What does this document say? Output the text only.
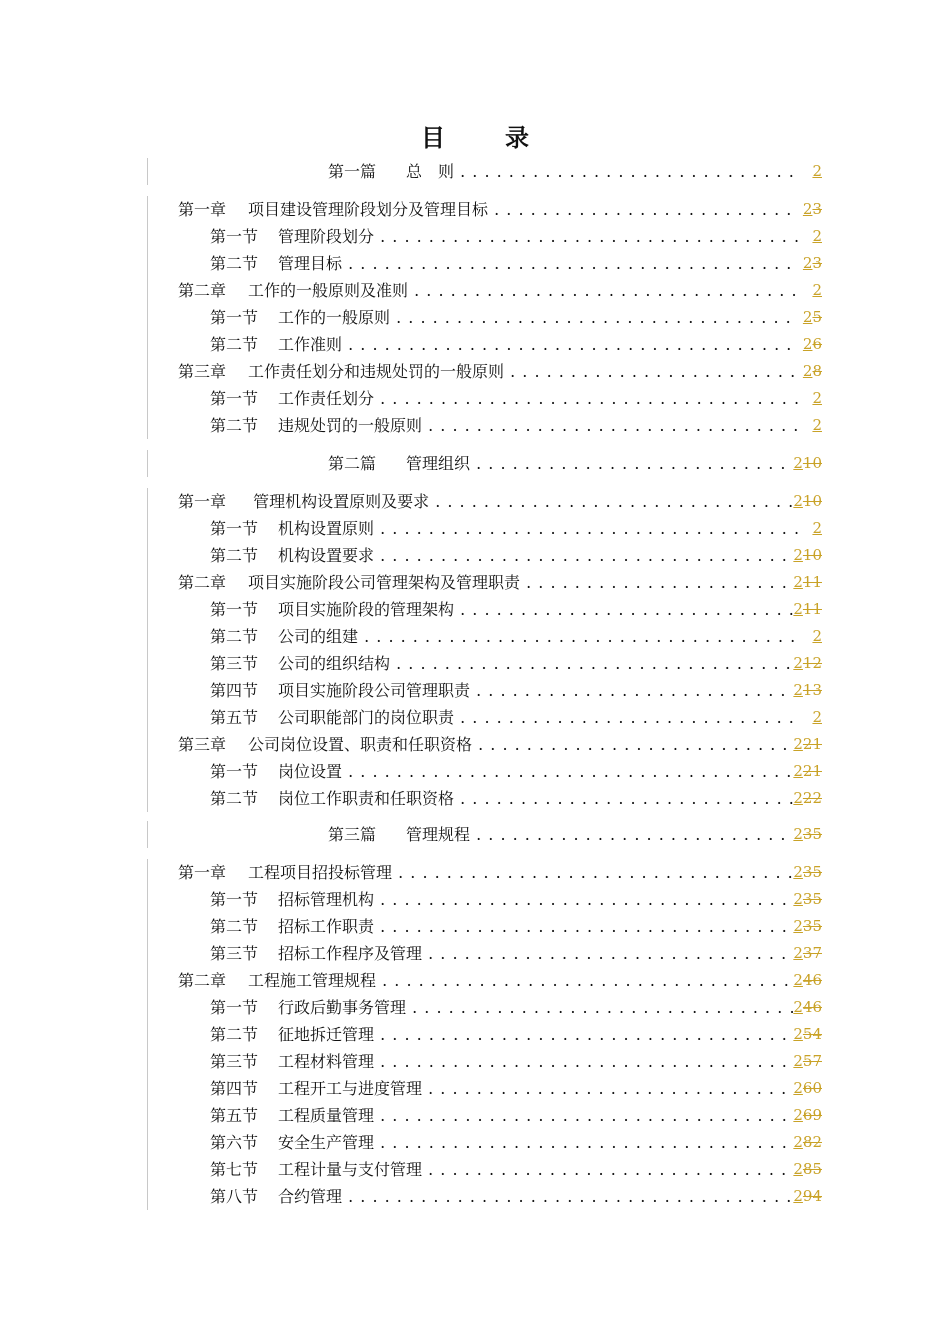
目录
第一篇 总　则 . . .	2
第一章 项目建设管理阶段划分及管理目标 . . .	23
第一节 管理阶段划分 . . .	2
第二节 管理目标 . . .	23
第二章 工作的一般原则及准则 . . .	2
第一节 工作的一般原则 . . .	25
第二节 工作准则 . . .	26
第三章 工作责任划分和违规处罚的一般原则 . . .	28
第一节 工作责任划分 . . .	2
第二节 违规处罚的一般原则 . . .	2
第二篇 管理组织 . . .	210
第一章 管理机构设置原则及要求 . . .	210
第一节 机构设置原则 . . .	2
第二节 机构设置要求 . . .	210
第二章 项目实施阶段公司管理架构及管理职责 . . .	211
第一节 项目实施阶段的管理架构 . . .	211
第二节 公司的组建 . . .	2
第三节 公司的组织结构 . . .	212
第四节 项目实施阶段公司管理职责 . . .	213
第五节 公司职能部门的岗位职责 . . .	2
第三章 公司岗位设置、职责和任职资格 . . .	221
第一节 岗位设置 . . .	221
第二节 岗位工作职责和任职资格 . . .	222
第三篇 管理规程 . . .	235
第一章 工程项目招投标管理 . . .	235
第一节 招标管理机构 . . .	235
第二节 招标工作职责 . . .	235
第三节 招标工作程序及管理 . . .	237
第二章 工程施工管理规程 . . .	246
第一节 行政后勤事务管理 . . .	246
第二节 征地拆迁管理 . . .	254
第三节 工程材料管理 . . .	257
第四节 工程开工与进度管理 . . .	260
第五节 工程质量管理 . . .	269
第六节 安全生产管理 . . .	282
第七节 工程计量与支付管理 . . .	285
第八节 合约管理 . . .	294
